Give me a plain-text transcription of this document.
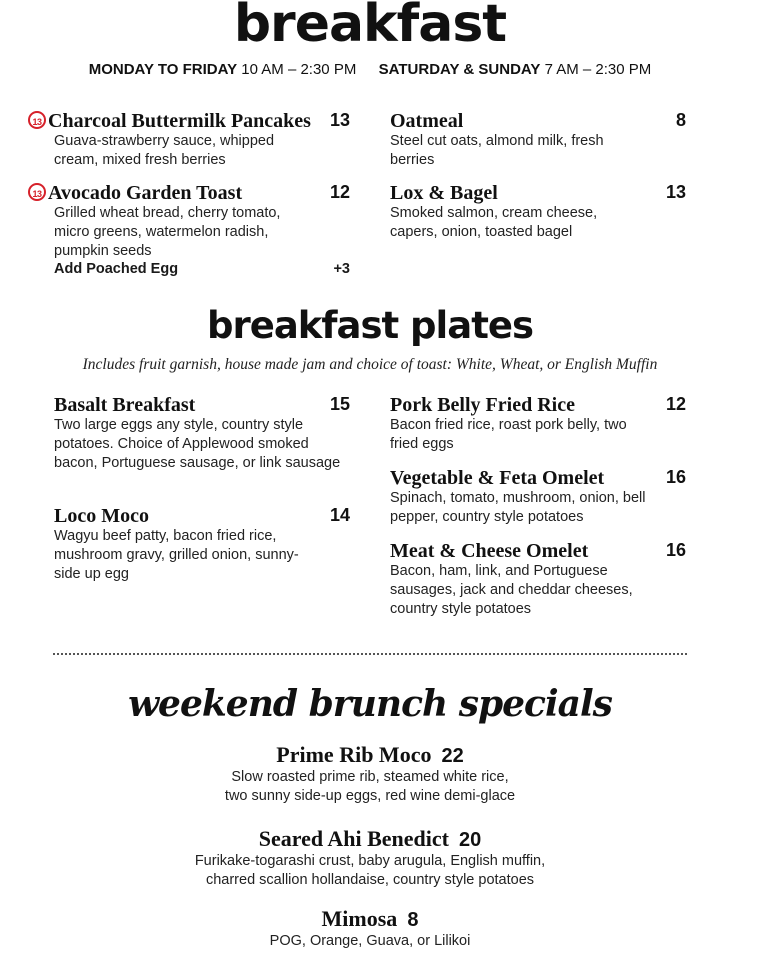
breakfast
MONDAY TO FRIDAY 10 AM – 2:30 PM SATURDAY & SUNDAY 7 AM – 2:30 PM
13 Charcoal Buttermilk Pancakes 13
Guava-strawberry sauce, whipped cream, mixed fresh berries
13 Avocado Garden Toast	12
Grilled wheat bread, cherry tomato, micro greens, watermelon radish, pumpkin seeds
Add Poached Egg	+3
Oatmeal	8
Steel cut oats, almond milk, fresh berries
Lox & Bagel	13
Smoked salmon, cream cheese, capers, onion, toasted bagel
breakfast plates
Includes fruit garnish, house made jam and choice of toast: White, Wheat, or English Muffin
Basalt Breakfast	15
Two large eggs any style, country style potatoes. Choice of Applewood smoked bacon, Portuguese sausage, or link sausage
Loco Moco	14
Wagyu beef patty, bacon fried rice, mushroom gravy, grilled onion, sunny-side up egg
Pork Belly Fried Rice	12
Bacon fried rice, roast pork belly, two fried eggs
Vegetable & Feta Omelet	16
Spinach, tomato, mushroom, onion, bell pepper, country style potatoes
Meat & Cheese Omelet	16
Bacon, ham, link, and Portuguese sausages, jack and cheddar cheeses, country style potatoes
weekend brunch specials
Prime Rib Moco 22
Slow roasted prime rib, steamed white rice,
two sunny side-up eggs, red wine demi-glace
Seared Ahi Benedict 20
Furikake-togarashi crust, baby arugula, English muffin,
charred scallion hollandaise, country style potatoes
Mimosa 8
POG, Orange, Guava, or Lilikoi
